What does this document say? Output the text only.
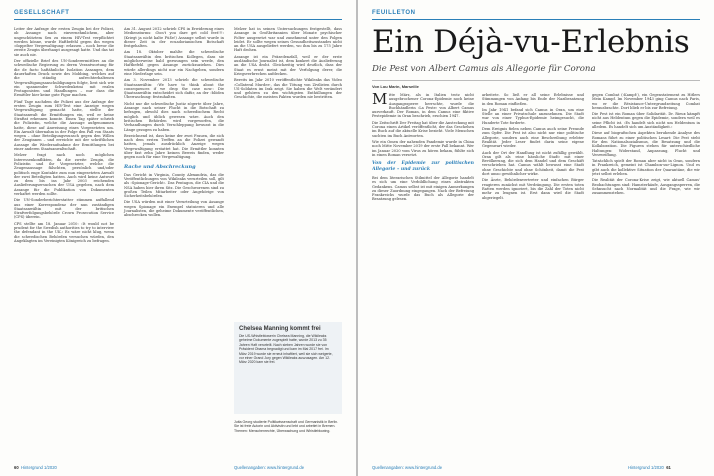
GESELLSCHAFT

Leiter der Anfrage der ersten Zeugin bei der Polizei, ob Assange nach einvernehmlichem, aber ungeschütztem Sex zu einem HIV-Test verpflichtet werden könne, wurde Haftbefehl gegen ihn wegen ›doppelter Vergewaltigung‹ erlassen – noch bevor die zweite Zeugin überhaupt ausgesagt hatte. Und das tat sie auch nie.

Der offizielle Brief des UN-Sonderermittlers an die schwedische Regierung zu deren Verantwortung für die de facto haftähnliche Isolation Assanges, dem dauerhaften Druck sowie des Mobbing, welches auf die ständig aufrechterhaltenen Vergewaltigungsanschuldigungen folgte, liest sich wie ein spannender Schwedenkrimi mit realen Protagonisten und Handlungen – nur dass die Ermittler hier keine gute Figur machen.

Fünf Tage nachdem die Polizei aus der Anfrage der ersten Zeugin zum HIV-Test eine Anzeige wegen Vergewaltigung gemacht hatte, stellte der Staatsanwalt die Ermittlungen ein, weil er keine Straftat erkennen konnte. Einen Tag später schrieb die Polizistin, welche die Aussage aufgenommen hatte, diese auf Anweisung eines Vorgesetzten um. Ein Anwalt übernahm in der Folge den Fall von Staats wegen – ohne Beteiligungswunsch gegen den Willen der Zeuginnen – und erreichte mit der schriftlichen Aussage die Wiederaufnahme der Ermittlungen bei einer anderen Staatsanwaltschaft.

Melzer fragt nach noch möglichen Interessenkonflikten, da die zweite Zeugin, die Polizistin und ihr Vorgesetzter, welche die Zeugenaussage fälschten, persönlich und/oder politisch enge Kontakte zum nun eingesetzten Anwalt der zwei Beteiligten hatten. Auch wird keine Antwort zu dem bis ins Jahr 2003 reichenden Auslieferungsersuchen der USA gegeben, nach dem Assange für die Publikation von Dokumenten verhaftet werden sollte.

Die UN-Sonderberichterstatter stimmen auffallend aus einer Korrespondenz der nun zuständigen Staatsanwältin mit der britischen Strafverfolgungsbehörde Crown Prosecution Service (CPS) überein.

CPS stellte am 18. Januar 2010: ›It would not be prudent for the Swedish authorities to try to interview the defendant in the UK.‹ Es wäre nicht klug, wenn die schwedischen Behörden versuchen würden, den Angeklagten im Vereinigten Königreich zu befragen.

Am 31. August 2012 schrieb CPS in Erwiderung eines Mediensturms: ›Don't you dare get cold feet!!!‹ (Kriegt ja nicht kalte Füße!) Assange selbst wurde in dieser Zeit in der ecuadorianischen Botschaft festgehalten.

Am 18. Oktober mahlte die schwedische Staatsanwältin den britischen Kollegen, dass sie möglicherweise bald gezwungen sein werde, den Haftbefehl gegen Assange zurückzuziehen. Dies würde allerdings nicht nur ein Nachgeben, sondern eine Niederlage sein.

Am 3. November 2013 schrieb die schwedische Staatsanwältin: ›We have to think about the consequences if we drop the case now.‹ Die Staatsanwältin entscheidet sich dafür, an der ›blöden Überraschung‹ festzuhalten.

Nicht nur die schwedische Justiz zögerte über Jahre, Assange nach seiner Flucht in die Botschaft zu befragen, obwohl dies nach schwedischem Recht möglich und üblich gewesen wäre. Auch den britischen Behörden wird vorgeworfen, die Verhandlungen durch Verschleppung bewusst in die Länge gezogen zu haben.

Bezeichnend ist, dass keine der zwei Frauen, die sich nach dem ersten Treffen an die Polizei gewandt hatten, jemals ausdrücklich Anzeige wegen Vergewaltigung erstattet hat. Die Ermittler konnten über fast zehn Jahre keinen Beweis finden, weder gegen noch für eine Vergewaltigung.

Rache und Abschreckung

Das Gericht in Virginia, County Alexandria, das die Veröffentlichungen von Wikileaks verurteilen soll, gilt als ›Spionage-Gericht‹. Das Pentagon, die CIA und die NSA haben hier ihren Sitz. Die Geschworenen sind zu großen Teilen Mitarbeiter oder Angehörige von Sicherheitsbehörden.

Die USA würden mit einer Verurteilung von Assange wegen Spionage ein Exempel statuieren und alle Journalisten, die geheime Dokumente veröffentlichen, abschrecken wollen.

Melzer hat in seinen Untersuchungen festgestellt, dass Assange in Großbritannien über Monate psychischer Folter ausgesetzt war und zunehmend unter den Folgen leidet. Er sollte wegen seines Gesundheitszustandes nicht an die USA ausgeliefert werden, wo ihm bis zu 175 Jahre Haft drohen.

Assange ist ein Präzedenzfall, weil er der erste ausländische Journalist ist, dem konkret die Auslieferung an die USA droht. Gleichzeitig wird deutlich, dass der Staat es ernst meint mit der Verfolgung derer, die Kriegsverbrechen aufdecken.

Bereits im Jahr 2010 veröffentlichte Wikileaks das Video ›Collateral Murder‹, das die Tötung von Zivilisten durch US-Soldaten im Irak zeigt. Sie haben die Welt verändert und gehören zu den wichtigsten Enthüllungen der Geschichte, die meisten Fakten wurden nie bestritten.

Chelsea Manning kommt frei
Die US-Whistleblowerin Chelsea Manning, die Wikileaks geheime Dokumente zugespielt hatte, wurde 2013 zu 35 Jahren Haft verurteilt. Nach sieben Jahren wurde sie von Präsident Obama begnadigt und kam im Mai 2017 frei. Im März 2019 wurde sie erneut inhaftiert, weil sie sich weigerte, vor einer Grand Jury gegen Wikileaks auszusagen. Am 12. März 2020 kam sie frei.
Jutta Georg studierte Politikwissenschaft und Germanistik in Berlin. Sie ist freie Autorin und Aktivistin und lebt und arbeitet in Bremen. Themen: Menschenrechte, Überwachung und Whistleblowing.
60 Hintergrund 1/2020	Quellenangaben: www.hintergrund.de
FEUILLETON
Ein Déjà-vu-Erlebnis
Die Pest von Albert Camus als Allegorie für Corona
Von Lou Marin, Marseille

Mitte März, als in Italien trotz nicht ausgebrochener Corona-Epidemie noch keine Ausgangssperre herrschte, wurde die Buchhändlerin ›La Peste‹ von Albert Camus ausverkauft. Der Roman, in dem Camus eine fiktive Pestepidemie in Oran beschrieb, erschien 1947.

Die Zeitschrift Der Freitag hat über die Ansteckung mit Corona einen Artikel veröffentlicht, der das Geschehen im Buch auf die aktuelle Krise bezieht. Viele Menschen suchten im Buch Antworten.

Wie ein Omen der nahenden Pandemie wurde in China noch Mitte November 2019 der erste Fall bekannt. Wer im Januar 2020 vom Virus zu hören bekam, fühlte sich in einen Roman versetzt.

Von der Epidemie zur politischen Allegorie – und zurück

Bei dem literarischen Stilmittel der Allegorie handelt es sich um eine Verbildlichung eines abstrakten Gedankens. Camus selbst ist mit einigen Anmerkungen zu dieser Zuordnung eingegangen. Nach der Befreiung Frankreichs wurde das Buch als Allegorie der Besatzung gelesen.

arbeitete. So ließ er all seine Erlebnisse und Stimmungen von Anfang bis Ende der Nazibesatzung in den Roman einfließen.

Im Jahr 1941 befand sich Camus in Oran, um eine Stelle an einer Privatschule anzunehmen. Die Stadt war von einer Typhus-Epidemie heimgesucht, die Hunderte Tote forderte.

Dem Ereignis fielen neben Camus auch seine Freunde zum Opfer. Die Pest ist also nicht nur eine politische Allegorie, sondern auch eine Beschreibung erlebter Realität. Jeder Leser findet darin seine eigene Gegenwart wieder.

Auch der Ort der Handlung ist nicht zufällig gewählt. Oran gilt als ›eine hässliche Stadt‹ mit einer Bevölkerung, die sich dem Handel und dem Geschäft verschrieben hat. Camus wählt bewusst eine Stadt ohne Geschichte und ohne Schönheit, damit die Pest dort umso gewöhnlicher wirke.

Die Ärzte, Behördenvertreter und einfachen Bürger reagieren zunächst mit Verdrängung. Die ersten toten Ratten werden ignoriert, bis die Zahl der Toten nicht mehr zu leugnen ist. Erst dann wird die Stadt abgeriegelt.

gegen Combat (›Kampf‹), ein Gegenstatement zu Hitlers Mein Kampf. Im November 1943 ging Camus nach Paris, wo er die Résistance-Untergrundzeitung Combat herausbrachte. Dort blieb er bis zur Befreiung.

Die Pest ist ein Roman über Solidarität. Dr. Rieux kämpft nicht aus Heldentum gegen die Epidemie, sondern weil es seine Pflicht ist. ›Es handelt sich nicht um Heldentum in alledem. Es handelt sich um Anständigkeit.‹

Diese auf biografischen Aspekten beruhende Analyse des Romans führt zu einer politischen Lesart: Die Pest steht für den Nationalsozialismus, die Besatzung und die Kollaboration. Die Figuren stehen für unterschiedliche Haltungen: Widerstand, Anpassung, Flucht und Verzweiflung.

Tatsächlich spielt der Roman aber nicht in Oran, sondern in Frankreich, gemeint ist Chambon-sur-Lignon. Und es gibt auch die kollektive Situation der Quarantäne, die wir jetzt selbst erleben.

Die Realität der Corona-Krise zeigt, wie aktuell Camus' Beobachtungen sind: Hamsterkäufe, Ausgangssperren, die Sehnsucht nach Normalität und die Frage, wie wir zusammenstehen.

Quellenangaben: www.hintergrund.de	Hintergrund 1/2020 61
